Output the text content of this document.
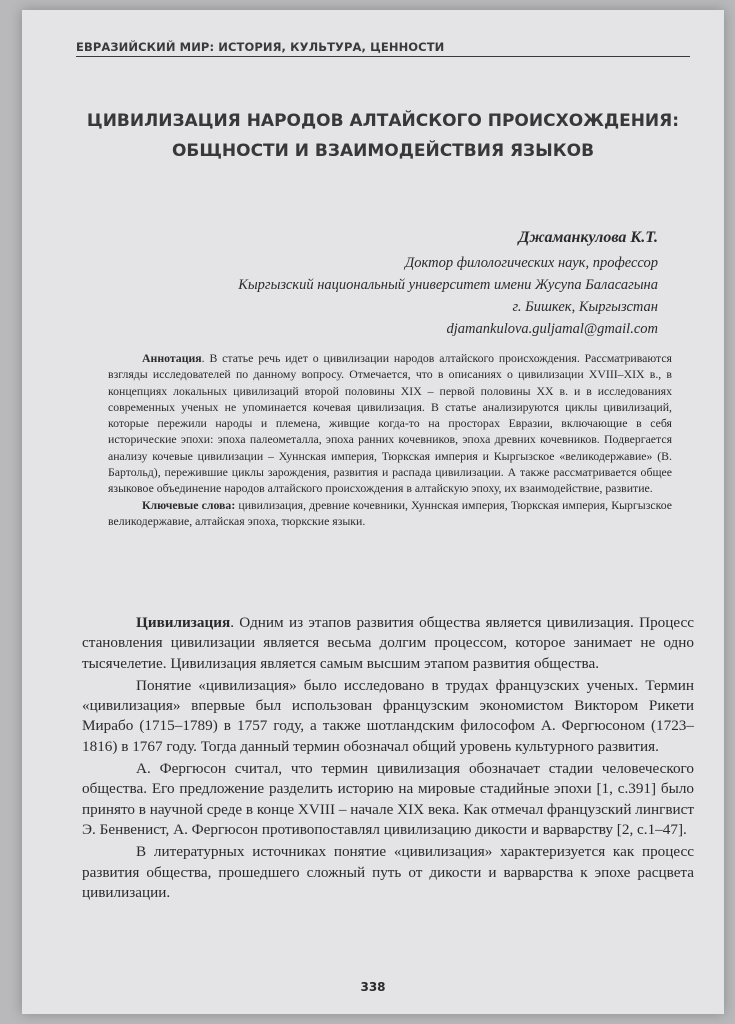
ЕВРАЗИЙСКИЙ МИР: ИСТОРИЯ, КУЛЬТУРА, ЦЕННОСТИ
ЦИВИЛИЗАЦИЯ НАРОДОВ АЛТАЙСКОГО ПРОИСХОЖДЕНИЯ: ОБЩНОСТИ И ВЗАИМОДЕЙСТВИЯ ЯЗЫКОВ
Джаманкулова К.Т.
Доктор филологических наук, профессор
Кыргызский национальный университет имени Жусупа Баласагына
г. Бишкек, Кыргызстан
djamankulova.guljamal@gmail.com

Аннотация. В статье речь идет о цивилизации народов алтайского происхождения. Рассматриваются взгляды исследователей по данному вопросу. Отмечается, что в описаниях о цивилизации XVIII–XIX в., в концепциях локальных цивилизаций второй половины XIX – первой половины XX в. и в исследованиях современных ученых не упоминается кочевая цивилизация. В статье анализируются циклы цивилизаций, которые пережили народы и племена, живщие когда-то на просторах Евразии, включающие в себя исторические эпохи: эпоха палеометалла, эпоха ранних кочевников, эпоха древних кочевников. Подвергается анализу кочевые цивилизации – Хуннская империя, Тюркская империя и Кыргызское «великодержавие» (В. Бартольд), пережившие циклы зарождения, развития и распада цивилизации. А также рассматривается общее языковое объединение народов алтайского происхождения в алтайскую эпоху, их взаимодействие, развитие.

Ключевые слова: цивилизация, древние кочевники, Хуннская империя, Тюркская империя, Кыргызское великодержавие, алтайская эпоха, тюркские языки.

Цивилизация. Одним из этапов развития общества является цивилизация. Процесс становления цивилизации является весьма долгим процессом, которое занимает не одно тысячелетие. Цивилизация является самым высшим этапом развития общества.

Понятие «цивилизация» было исследовано в трудах французских ученых. Термин «цивилизация» впервые был использован французским экономистом Виктором Рикети Мирабо (1715–1789) в 1757 году, а также шотландским философом А. Фергюсоном (1723–1816) в 1767 году. Тогда данный термин обозначал общий уровень культурного развития.

А. Фергюсон считал, что термин цивилизация обозначает стадии человеческого общества. Его предложение разделить историю на мировые стадийные эпохи [1, с.391] было принято в научной среде в конце XVIII – начале XIX века. Как отмечал французский лингвист Э. Бенвенист, А. Фергюсон противопоставлял цивилизацию дикости и варварству [2, с.1–47].

В литературных источниках понятие «цивилизация» характеризуется как процесс развития общества, прошедшего сложный путь от дикости и варварства к эпохе расцвета цивилизации.

338
